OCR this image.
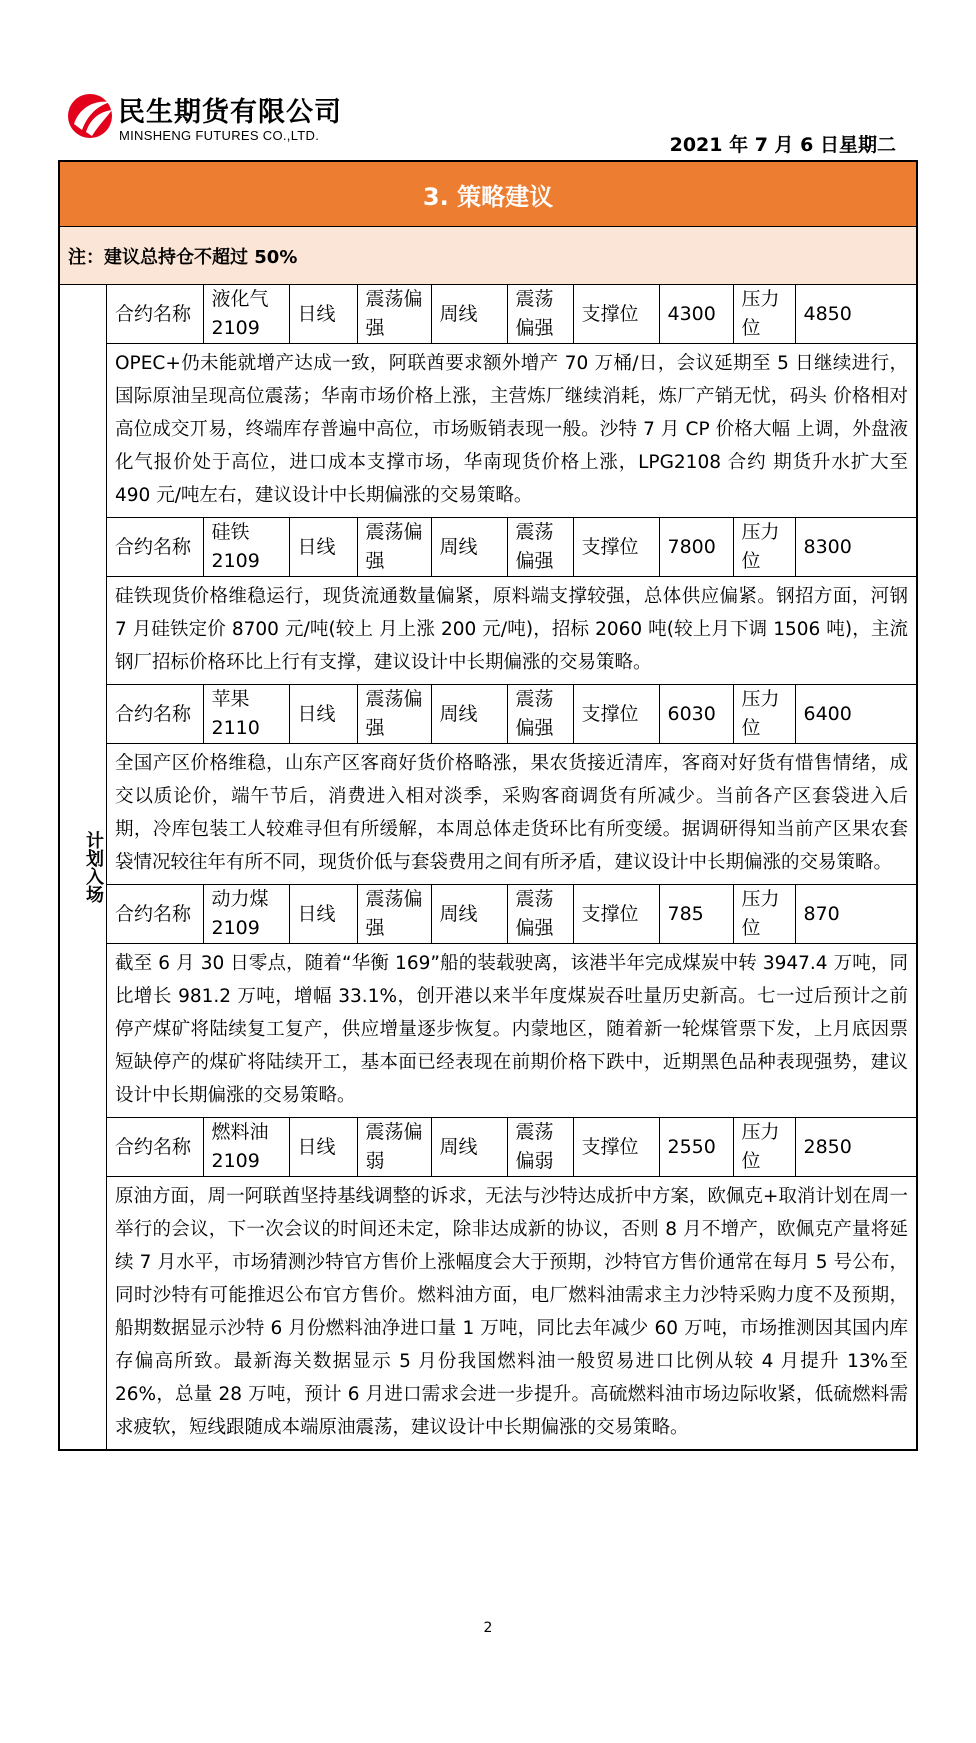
民生期货有限公司
MINSHENG FUTURES CO.,LTD.	2021 年 7 月 6 日星期二
3. 策略建议
注：建议总持仓不超过 50%
计划入场
合约名称	液化气 2109	日线	震荡偏强	周线	震荡偏强	支撑位	4300	压力位	4850
OPEC+仍未能就增产达成一致，阿联酋要求额外增产 70 万桶/日，会议延期至 5 日继续进行，国际原油呈现高位震荡；华南市场价格上涨，主营炼厂继续消耗，炼厂产销无忧，码头 价格相对高位成交丌易，终端库存普遍中高位，市场贩销表现一般。沙特 7 月 CP 价格大幅 上调，外盘液化气报价处于高位，进口成本支撑市场，华南现货价格上涨，LPG2108 合约 期货升水扩大至 490 元/吨左右，建议设计中长期偏涨的交易策略。									
合约名称	硅铁 2109	日线	震荡偏强	周线	震荡偏强	支撑位	7800	压力位	8300
硅铁现货价格维稳运行，现货流通数量偏紧，原料端支撑较强，总体供应偏紧。钢招方面，河钢 7 月硅铁定价 8700 元/吨(较上 月上涨 200 元/吨)，招标 2060 吨(较上月下调 1506 吨)，主流钢厂招标价格环比上行有支撑，建议设计中长期偏涨的交易策略。									
合约名称	苹果 2110	日线	震荡偏强	周线	震荡偏强	支撑位	6030	压力位	6400
全国产区价格维稳，山东产区客商好货价格略涨，果农货接近清库，客商对好货有惜售情绪，成交以质论价，端午节后，消费进入相对淡季，采购客商调货有所减少。当前各产区套袋进入后期，冷库包装工人较难寻但有所缓解，本周总体走货环比有所变缓。据调研得知当前产区果农套袋情况较往年有所不同，现货价低与套袋费用之间有所矛盾，建议设计中长期偏涨的交易策略。									
合约名称	动力煤 2109	日线	震荡偏强	周线	震荡偏强	支撑位	785	压力位	870
截至 6 月 30 日零点，随着“华衡 169”船的装载驶离，该港半年完成煤炭中转 3947.4 万吨，同比增长 981.2 万吨，增幅 33.1%，创开港以来半年度煤炭吞吐量历史新高。七一过后预计之前停产煤矿将陆续复工复产，供应增量逐步恢复。内蒙地区，随着新一轮煤管票下发，上月底因票短缺停产的煤矿将陆续开工，基本面已经表现在前期价格下跌中，近期黑色品种表现强势，建议设计中长期偏涨的交易策略。									
合约名称	燃料油 2109	日线	震荡偏弱	周线	震荡偏弱	支撑位	2550	压力位	2850
原油方面，周一阿联酋坚持基线调整的诉求，无法与沙特达成折中方案，欧佩克+取消计划在周一举行的会议，下一次会议的时间还未定，除非达成新的协议，否则 8 月不增产，欧佩克产量将延续 7 月水平，市场猜测沙特官方售价上涨幅度会大于预期，沙特官方售价通常在每月 5 号公布，同时沙特有可能推迟公布官方售价。燃料油方面，电厂燃料油需求主力沙特采购力度不及预期，船期数据显示沙特 6 月份燃料油净进口量 1 万吨，同比去年减少 60 万吨，市场推测因其国内库存偏高所致。最新海关数据显示 5 月份我国燃料油一般贸易进口比例从较 4 月提升 13%至 26%，总量 28 万吨，预计 6 月进口需求会进一步提升。高硫燃料油市场边际收紧，低硫燃料需求疲软，短线跟随成本端原油震荡，建议设计中长期偏涨的交易策略。									
2
